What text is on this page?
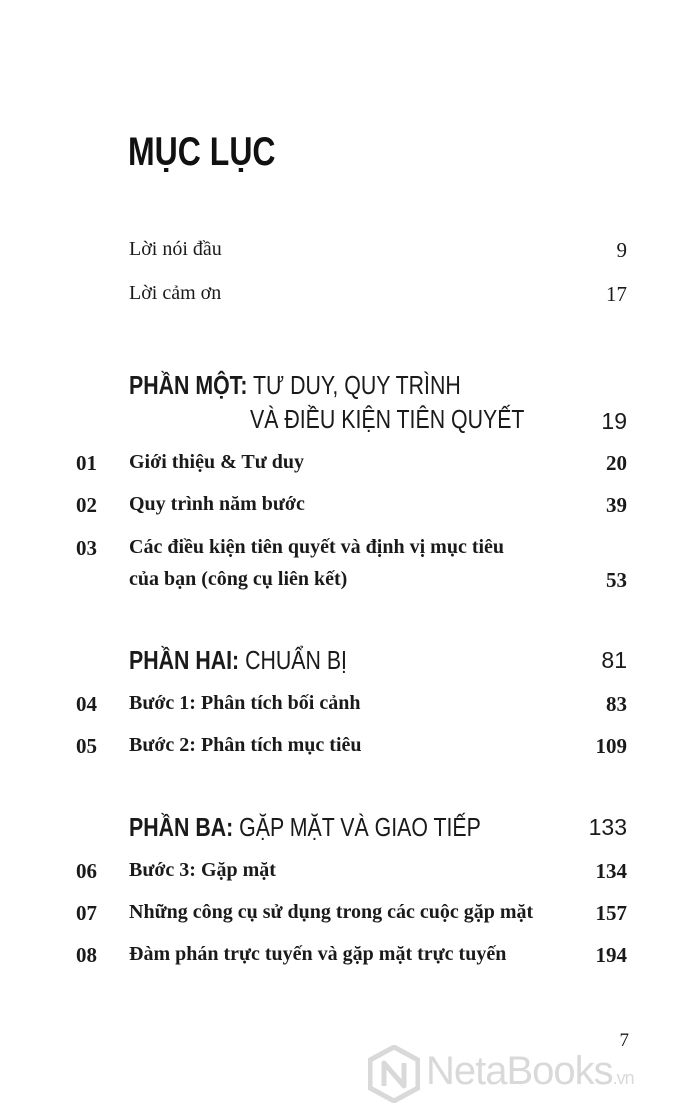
MỤC LỤC
Lời nói đầu	9
Lời cảm ơn	17
PHẦN MỘT: TƯ DUY, QUY TRÌNH
VÀ ĐIỀU KIỆN TIÊN QUYẾT	19
01 Giới thiệu & Tư duy	20
02 Quy trình năm bước	39
03 Các điều kiện tiên quyết và định vị mục tiêu
của bạn (công cụ liên kết)	53
PHẦN HAI: CHUẨN BỊ	81
04 Bước 1: Phân tích bối cảnh	83
05 Bước 2: Phân tích mục tiêu	109
PHẦN BA: GẶP MẶT VÀ GIAO TIẾP	133
06 Bước 3: Gặp mặt	134
07 Những công cụ sử dụng trong các cuộc gặp mặt	157
08 Đàm phán trực tuyến và gặp mặt trực tuyến	194
7
NetaBooks.vn
